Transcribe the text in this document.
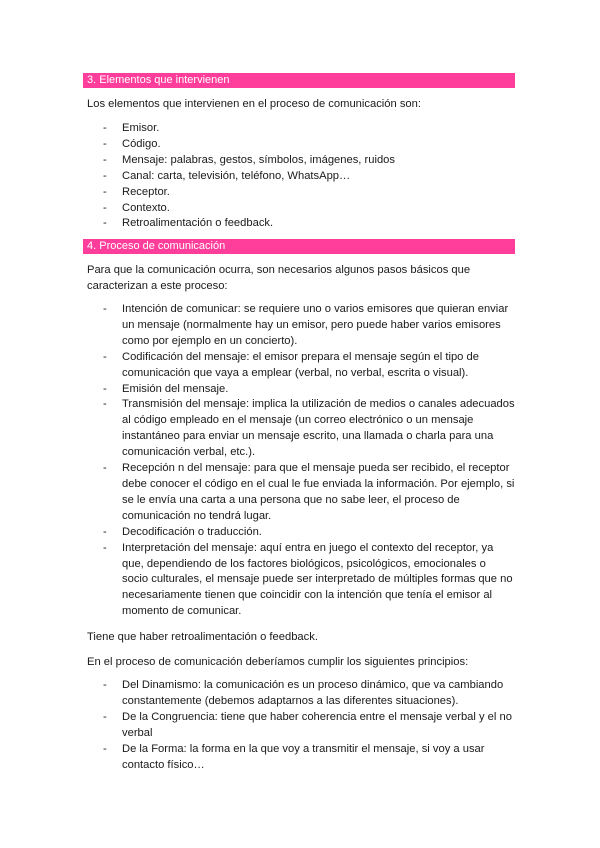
3. Elementos que intervienen
Los elementos que intervienen en el proceso de comunicación son:
- Emisor.
- Código.
- Mensaje: palabras, gestos, símbolos, imágenes, ruidos
- Canal: carta, televisión, teléfono, WhatsApp…
- Receptor.
- Contexto.
- Retroalimentación o feedback.
4. Proceso de comunicación
Para que la comunicación ocurra, son necesarios algunos pasos básicos que
caracterizan a este proceso:
- Intención de comunicar: se requiere uno o varios emisores que quieran enviar un mensaje (normalmente hay un emisor, pero puede haber varios emisores como por ejemplo en un concierto).
- Codificación del mensaje: el emisor prepara el mensaje según el tipo de comunicación que vaya a emplear (verbal, no verbal, escrita o visual).
- Emisión del mensaje.
- Transmisión del mensaje: implica la utilización de medios o canales adecuados al código empleado en el mensaje (un correo electrónico o un mensaje instantáneo para enviar un mensaje escrito, una llamada o charla para una comunicación verbal, etc.).
- Recepción n del mensaje: para que el mensaje pueda ser recibido, el receptor debe conocer el código en el cual le fue enviada la información. Por ejemplo, si se le envía una carta a una persona que no sabe leer, el proceso de comunicación no tendrá lugar.
- Decodificación o traducción.
- Interpretación del mensaje: aquí entra en juego el contexto del receptor, ya que, dependiendo de los factores biológicos, psicológicos, emocionales o socio culturales, el mensaje puede ser interpretado de múltiples formas que no necesariamente tienen que coincidir con la intención que tenía el emisor al momento de comunicar.
Tiene que haber retroalimentación o feedback.
En el proceso de comunicación deberíamos cumplir los siguientes principios:
- Del Dinamismo: la comunicación es un proceso dinámico, que va cambiando constantemente (debemos adaptarnos a las diferentes situaciones).
- De la Congruencia: tiene que haber coherencia entre el mensaje verbal y el no verbal
- De la Forma: la forma en la que voy a transmitir el mensaje, si voy a usar contacto físico…
